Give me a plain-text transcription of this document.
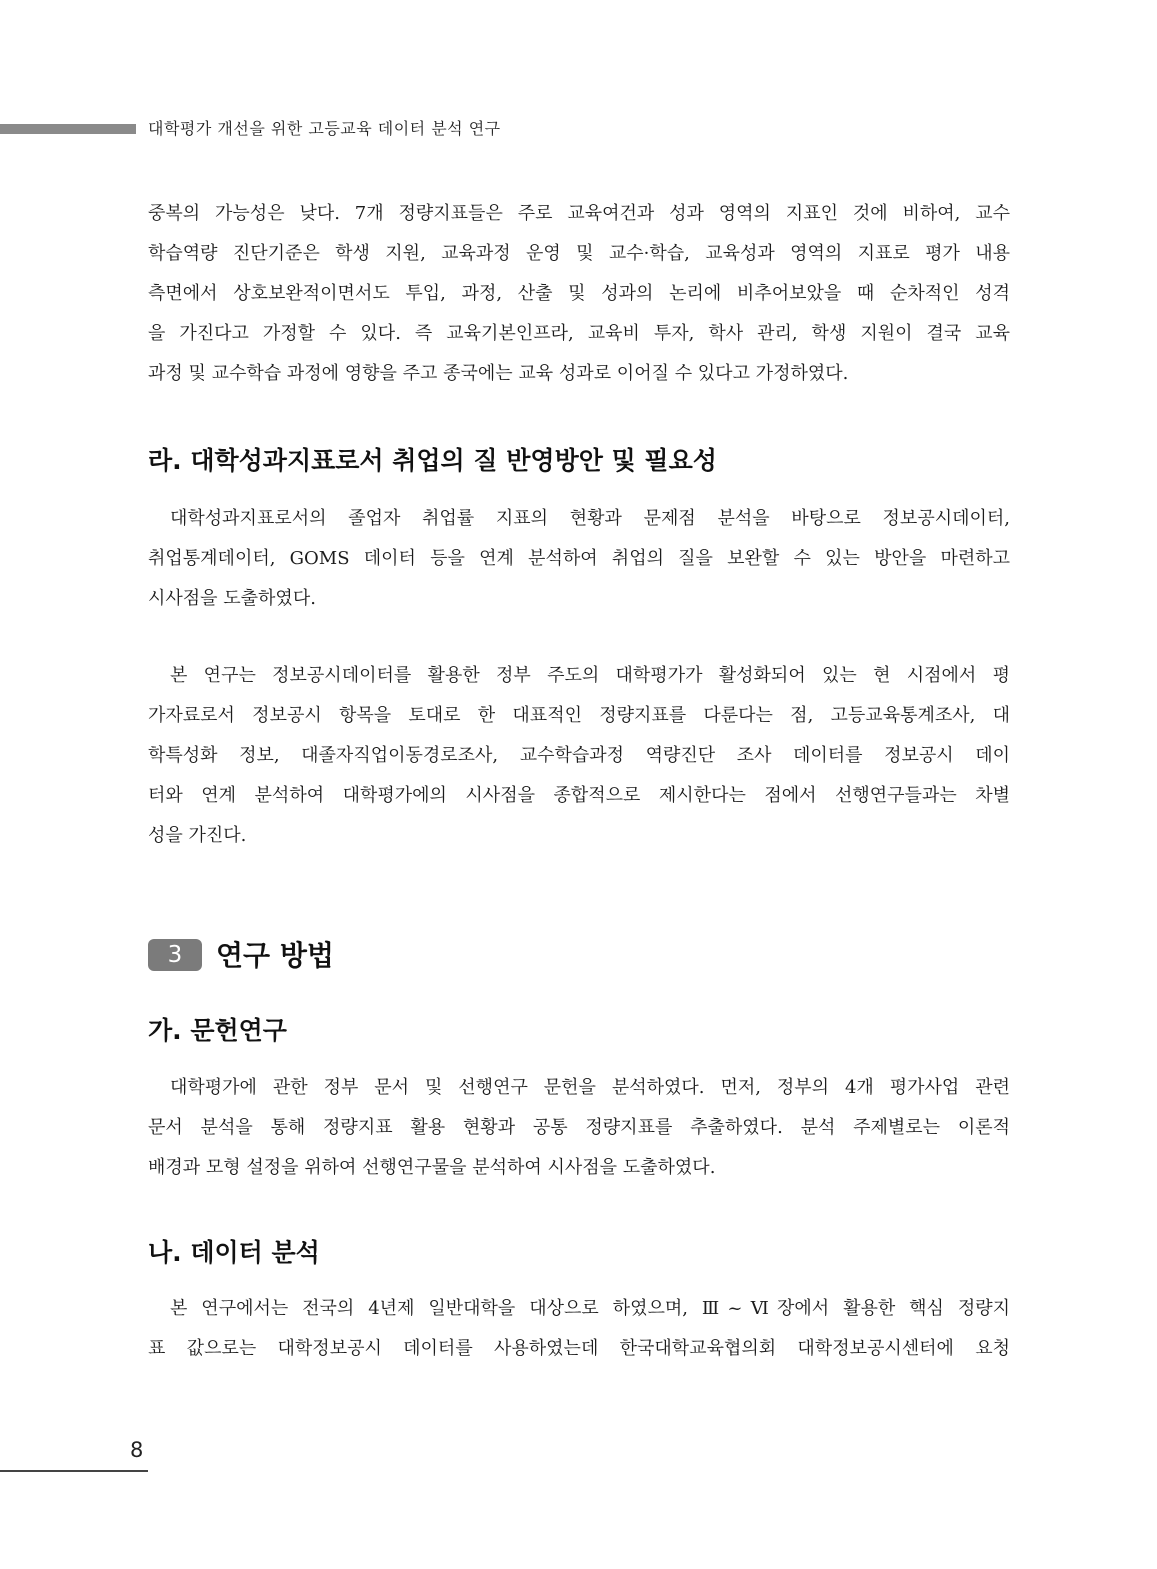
대학평가 개선을 위한 고등교육 데이터 분석 연구
중복의 가능성은 낮다. 7개 정량지표들은 주로 교육여건과 성과 영역의 지표인 것에 비하여, 교수
학습역량 진단기준은 학생 지원, 교육과정 운영 및 교수·학습, 교육성과 영역의 지표로 평가 내용
측면에서 상호보완적이면서도 투입, 과정, 산출 및 성과의 논리에 비추어보았을 때 순차적인 성격
을 가진다고 가정할 수 있다. 즉 교육기본인프라, 교육비 투자, 학사 관리, 학생 지원이 결국 교육
과정 및 교수학습 과정에 영향을 주고 종국에는 교육 성과로 이어질 수 있다고 가정하였다.
라. 대학성과지표로서 취업의 질 반영방안 및 필요성
대학성과지표로서의 졸업자 취업률 지표의 현황과 문제점 분석을 바탕으로 정보공시데이터,
취업통계데이터, GOMS 데이터 등을 연계 분석하여 취업의 질을 보완할 수 있는 방안을 마련하고
시사점을 도출하였다.
본 연구는 정보공시데이터를 활용한 정부 주도의 대학평가가 활성화되어 있는 현 시점에서 평
가자료로서 정보공시 항목을 토대로 한 대표적인 정량지표를 다룬다는 점, 고등교육통계조사, 대
학특성화 정보, 대졸자직업이동경로조사, 교수학습과정 역량진단 조사 데이터를 정보공시 데이
터와 연계 분석하여 대학평가에의 시사점을 종합적으로 제시한다는 점에서 선행연구들과는 차별
성을 가진다.
3	연구 방법
가. 문헌연구
대학평가에 관한 정부 문서 및 선행연구 문헌을 분석하였다. 먼저, 정부의 4개 평가사업 관련
문서 분석을 통해 정량지표 활용 현황과 공통 정량지표를 추출하였다. 분석 주제별로는 이론적
배경과 모형 설정을 위하여 선행연구물을 분석하여 시사점을 도출하였다.
나. 데이터 분석
본 연구에서는 전국의 4년제 일반대학을 대상으로 하였으며, Ⅲ~Ⅵ장에서 활용한 핵심 정량지
표 값으로는 대학정보공시 데이터를 사용하였는데 한국대학교육협의회 대학정보공시센터에 요청
8
